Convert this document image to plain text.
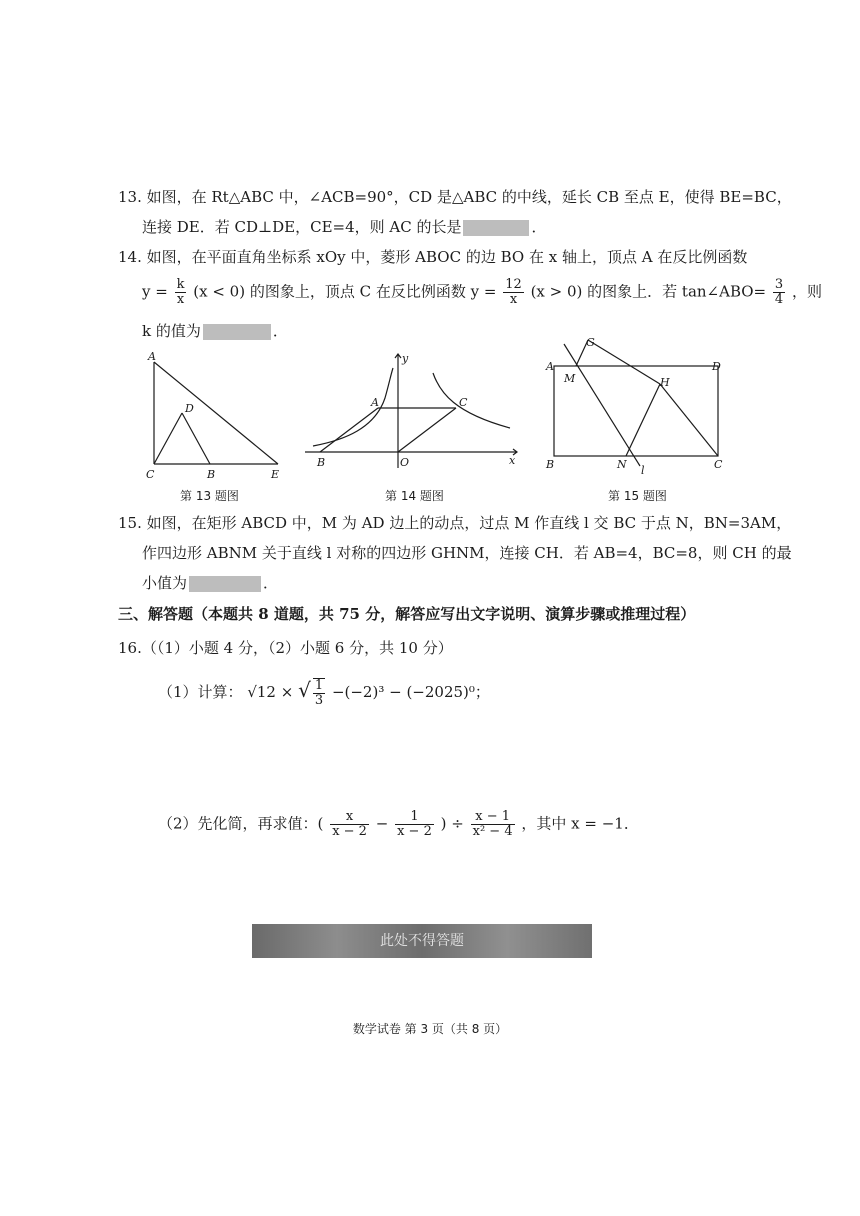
13. 如图，在 Rt△ABC 中，∠ACB=90°，CD 是△ABC 的中线，延长 CB 至点 E，使得 BE=BC，
连接 DE．若 CD⊥DE，CE=4，则 AC 的长是	．
14. 如图，在平面直角坐标系 xOy 中，菱形 ABOC 的边 BO 在 x 轴上，顶点 A 在反比例函数
$y = \frac{k}{x} (x < 0)$ 的图象上，顶点 C 在反比例函数 $y = \frac{12}{x} (x > 0)$ 的图象上．若 tan∠ABO= $\frac{3}{4}$ ，则
k 的值为	．
A
D
C	B	E
第 13 题图
y
A	C
B	O	x
第 14 题图
G
A
M
D
H
B	N l	C
第 15 题图
15. 如图，在矩形 ABCD 中，M 为 AD 边上的动点，过点 M 作直线 l 交 BC 于点 N，BN=3AM，
作四边形 ABNM 关于直线 l 对称的四边形 GHNM，连接 CH．若 AB=4，BC=8，则 CH 的最
小值为	．
三、解答题（本题共 8 道题，共 75 分，解答应写出文字说明、演算步骤或推理过程）
16.（（1）小题 4 分，（2）小题 6 分，共 10 分）
（1）计算： √12 × √ $\frac{1}{3} -(-2)^3 - (-2025)^0$；
（2）先化简，再求值：( $\frac{x}{x - 2} - \frac{1}{x - 2}$ ) ÷ $\frac{x - 1}{\text{x² − 4}}$ ，其中 x = −1．
此处不得答题
数学试卷 第 3 页（共 8 页）
